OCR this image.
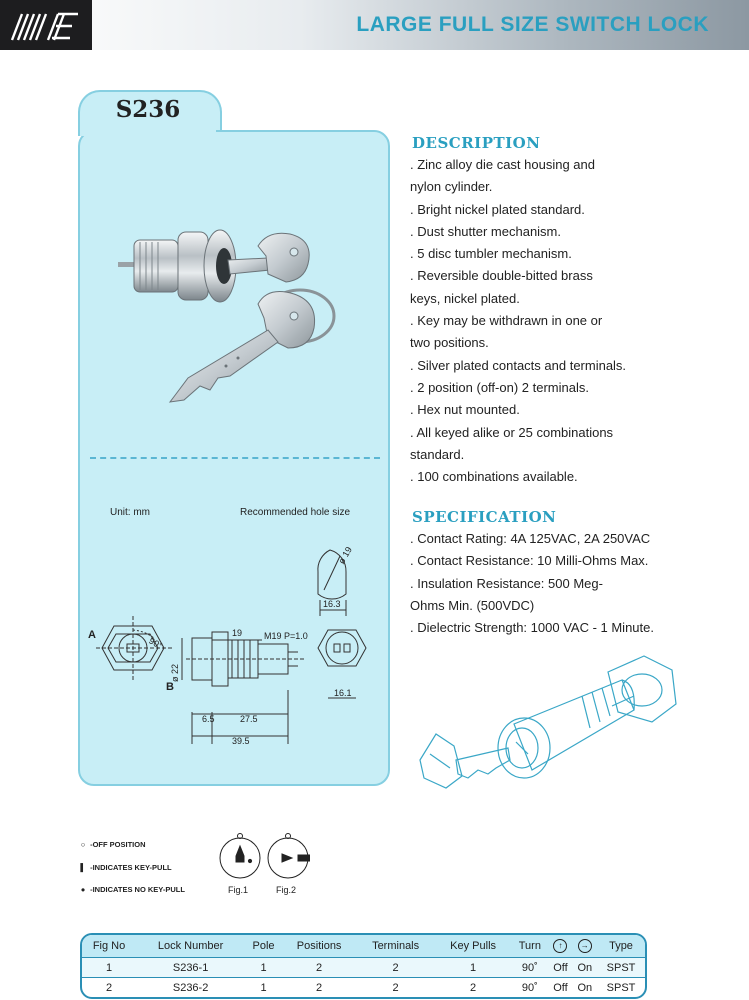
LARGE FULL SIZE SWITCH LOCK
S236
Unit: mm	Recommended hole size
ø 19
16.3
A
B
90°
19 M19 P=1.0
ø 22
6.5	27.5
39.5
16.1
DESCRIPTION
. Zinc alloy die cast housing and
nylon cylinder.
. Bright nickel plated standard.
. Dust shutter mechanism.
. 5 disc tumbler mechanism.
. Reversible double-bitted brass
keys, nickel plated.
. Key may be withdrawn in one or
two positions.
. Silver plated contacts and terminals.
. 2 position (off-on) 2 terminals.
. Hex nut mounted.
. All keyed alike or 25 combinations
standard.
. 100 combinations available.
SPECIFICATION
. Contact Rating: 4A 125VAC, 2A 250VAC
. Contact Resistance: 10 Milli-Ohms Max.
. Insulation Resistance: 500 Meg-
Ohms Min. (500VDC)
. Dielectric Strength: 1000 VAC - 1 Minute.
○ -OFF POSITION
▌ -INDICATES KEY-PULL
● -INDICATES NO KEY-PULL	Fig.1	Fig.2
Fig No	Lock Number	Pole	Positions	Terminals	Key Pulls	Turn	↑	→	Type
1	S236-1	1	2	2	1	90˚	Off	On	SPST
2	S236-2	1	2	2	2	90˚	Off	On	SPST
